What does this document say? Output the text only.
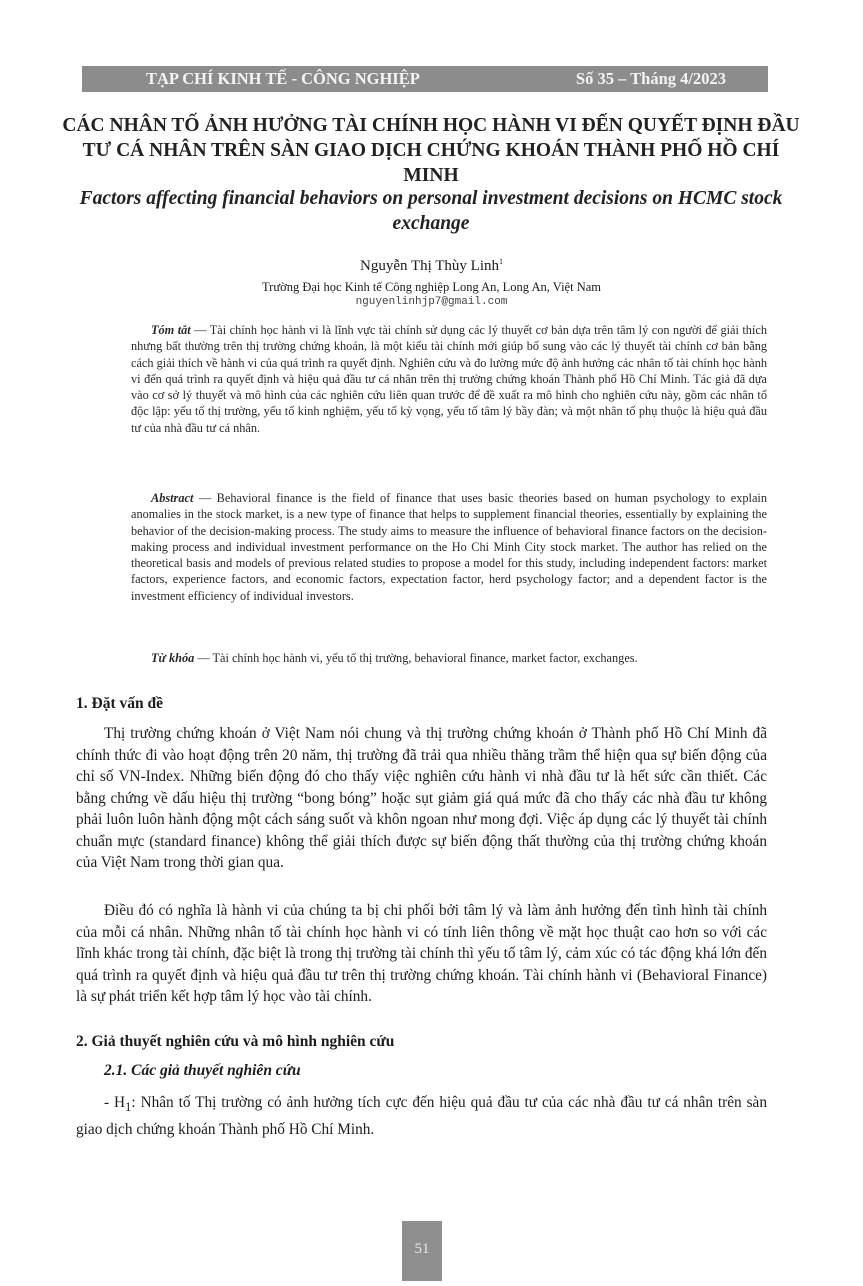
TẠP CHÍ KINH TẾ - CÔNG NGHIỆP	Số 35 – Tháng 4/2023
CÁC NHÂN TỐ ẢNH HƯỞNG TÀI CHÍNH HỌC HÀNH VI ĐẾN QUYẾT ĐỊNH ĐẦU TƯ CÁ NHÂN TRÊN SÀN GIAO DỊCH CHỨNG KHOÁN THÀNH PHỐ HỒ CHÍ MINH
Factors affecting financial behaviors on personal investment decisions on HCMC stock exchange
Nguyễn Thị Thùy Linh$^1$
Trường Đại học Kinh tế Công nghiệp Long An, Long An, Việt Nam
nguyenlinhjp7@gmail.com

Tóm tắt — Tài chính học hành vi là lĩnh vực tài chính sử dụng các lý thuyết cơ bản dựa trên tâm lý con người để giải thích nhưng bất thường trên thị trường chứng khoán, là một kiểu tài chính mới giúp bổ sung vào các lý thuyết tài chính cơ bản bằng cách giải thích về hành vi của quá trình ra quyết định. Nghiên cứu và đo lường mức độ ảnh hưởng các nhân tố tài chính học hành vi đến quá trình ra quyết định và hiệu quả đầu tư cá nhân trên thị trường chứng khoán Thành phố Hồ Chí Minh. Tác giả đã dựa vào cơ sở lý thuyết và mô hình của các nghiên cứu liên quan trước để đề xuất ra mô hình cho nghiên cứu này, gồm các nhân tố độc lập: yếu tố thị trường, yếu tố kinh nghiệm, yếu tố kỳ vọng, yếu tố tâm lý bầy đàn; và một nhân tố phụ thuộc là hiệu quả đầu tư của nhà đầu tư cá nhân.

Abstract — Behavioral finance is the field of finance that uses basic theories based on human psychology to explain anomalies in the stock market, is a new type of finance that helps to supplement financial theories, essentially by explaining the behavior of the decision-making process. The study aims to measure the influence of behavioral finance factors on the decision-making process and individual investment performance on the Ho Chi Minh City stock market. The author has relied on the theoretical basis and models of previous related studies to propose a model for this study, including independent factors: market factors, experience factors, and economic factors, expectation factor, herd psychology factor; and a dependent factor is the investment efficiency of individual investors.

Từ khóa — Tài chính học hành vi, yếu tố thị trường, behavioral finance, market factor, exchanges.

1. Đặt vấn đề

Thị trường chứng khoán ở Việt Nam nói chung và thị trường chứng khoán ở Thành phố Hồ Chí Minh đã chính thức đi vào hoạt động trên 20 năm, thị trường đã trải qua nhiều thăng trầm thể hiện qua sự biến động của chỉ số VN-Index. Những biến động đó cho thấy việc nghiên cứu hành vi nhà đầu tư là hết sức cần thiết. Các bằng chứng về dấu hiệu thị trường “bong bóng” hoặc sụt giảm giá quá mức đã cho thấy các nhà đầu tư không phải luôn luôn hành động một cách sáng suốt và khôn ngoan như mong đợi. Việc áp dụng các lý thuyết tài chính chuẩn mực (standard finance) không thể giải thích được sự biến động thất thường của thị trường chứng khoán của Việt Nam trong thời gian qua.

Điều đó có nghĩa là hành vi của chúng ta bị chi phối bởi tâm lý và làm ảnh hưởng đến tình hình tài chính của mỗi cá nhân. Những nhân tố tài chính học hành vi có tính liên thông về mặt học thuật cao hơn so với các lĩnh khác trong tài chính, đặc biệt là trong thị trường tài chính thì yếu tố tâm lý, cảm xúc có tác động khá lớn đến quá trình ra quyết định và hiệu quả đầu tư trên thị trường chứng khoán. Tài chính hành vi (Behavioral Finance) là sự phát triển kết hợp tâm lý học vào tài chính.

2. Giả thuyết nghiên cứu và mô hình nghiên cứu
2.1. Các giả thuyết nghiên cứu

- $H_1$: Nhân tố Thị trường có ảnh hưởng tích cực đến hiệu quả đầu tư của các nhà đầu tư cá nhân trên sàn giao dịch chứng khoán Thành phố Hồ Chí Minh.

51
